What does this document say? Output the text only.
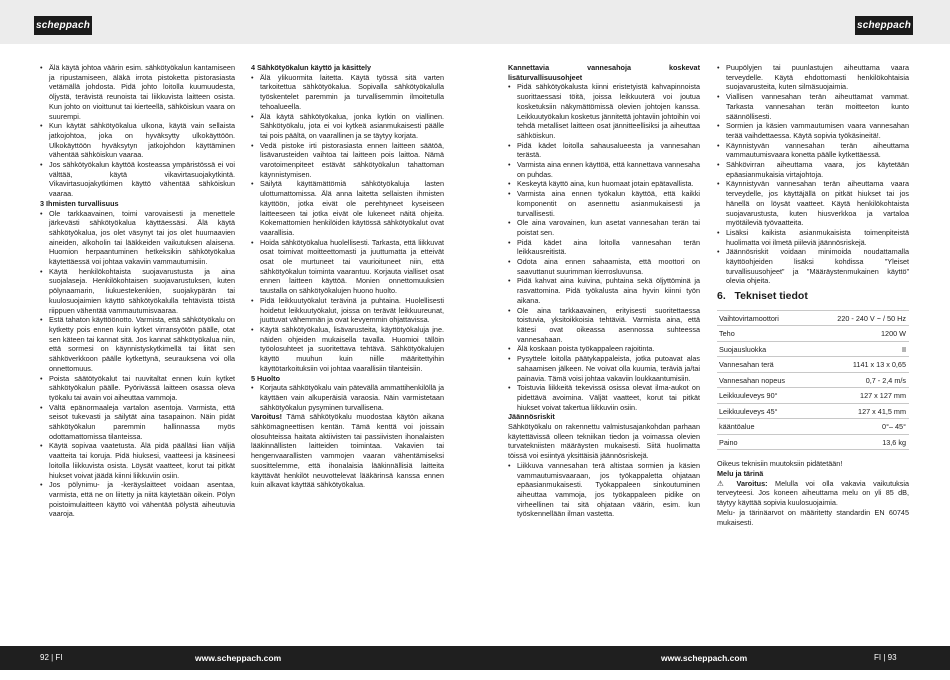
scheppach	scheppach

• Älä käytä johtoa väärin esim. sähkötyökalun kantamiseen ja ripustamiseen, äläkä irrota pistoketta pistorasiasta vetämällä johdosta. Pidä johto loitolla kuumuudesta, öljystä, terävistä reunoista tai liikkuvista laitteen osista. Kun johto on vioittunut tai kierteellä, sähköiskun vaara on suurempi.

• Kun käytät sähkötyökalua ulkona, käytä vain sellaista jatkojohtoa, joka on hyväksytty ulkokäyttöön. Ulkokäyttöön hyväksytyn jatkojohdon käyttäminen vähentää sähköiskun vaaraa.

• Jos sähkötyökalun käyttöä kosteassa ympäristössä ei voi välttää, käytä vikavirtasuojakytkintä. Vikavirtasuojakytkimen käyttö vähentää sähköiskun vaaraa.

3 Ihmisten turvallisuus

• Ole tarkkaavainen, toimi varovaisesti ja menettele järkevästi sähkötyökalua käyttäessäsi. Älä käytä sähkötyökalua, jos olet väsynyt tai jos olet huumaavien aineiden, alkoholin tai lääkkeiden vaikutuksen alaisena. Huomion herpaantuminen hetkeksikin sähkötyökalua käytettäessä voi johtaa vakaviin vammautumisiin.

• Käytä henkilökohtaista suojavarustusta ja aina suojalaseja. Henkilökohtaisen suojavarustuksen, kuten pölynaamarin, liukuestekenkien, suojakypärän tai kuulosuojaimien käyttö sähkötyökalulla tehtävistä töistä riippuen vähentää vammautumisvaaraa.

• Estä tahaton käyttöönotto. Varmista, että sähkötyökalu on kytketty pois ennen kuin kytket virransyötön päälle, otat sen käteen tai kannat sitä. Jos kannat sähkötyökalua niin, että sormesi on käynnistyskytkimellä tai liität sen sähköverkkoon päälle kytkettynä, seurauksena voi olla onnettomuus.

• Poista säätötyökalut tai ruuvitaltat ennen kuin kytket sähkötyökalun päälle. Pyörivässä laitteen osassa oleva työkalu tai avain voi aiheuttaa vammoja.

• Vältä epänormaaleja vartalon asentoja. Varmista, että seisot tukevasti ja säilytät aina tasapainon. Näin pidät sähkötyökalun paremmin hallinnassa myös odottamattomissa tilanteissa.

• Käytä sopivaa vaatetusta. Älä pidä päälläsi liian väljiä vaatteita tai koruja. Pidä hiuksesi, vaatteesi ja käsineesi loitolla liikkuvista osista. Löysät vaatteet, korut tai pitkät hiukset voivat jäädä kiinni liikkuviin osiin.

• Jos pölynimu- ja -keräyslaitteet voidaan asentaa, varmista, että ne on liitetty ja niitä käytetään oikein. Pölyn poistoimulaitteen käyttö voi vähentää pölystä aiheutuvia vaaroja.

4 Sähkötyökalun käyttö ja käsittely

• Älä ylikuormita laitetta. Käytä työssä sitä varten tarkoitettua sähkötyökalua. Sopivalla sähkötyökalulla työskentelet paremmin ja turvallisemmin ilmoitetulla tehoalueella.

• Älä käytä sähkötyökalua, jonka kytkin on viallinen. Sähkötyökalu, jota ei voi kytkeä asianmukaisesti päälle tai pois päältä, on vaarallinen ja se täytyy korjata.

• Vedä pistoke irti pistorasiasta ennen laitteen säätöä, lisävarusteiden vaihtoa tai laitteen pois laittoa. Nämä varotoimenpiteet estävät sähkötyökalun tahattoman käynnistymisen.

• Säilytä käyttämättömiä sähkötyökaluja lasten ulottumattomissa. Älä anna laitetta sellaisten ihmisten käyttöön, jotka eivät ole perehtyneet kyseiseen laitteeseen tai jotka eivät ole lukeneet näitä ohjeita. Kokemattomien henkilöiden käytössä sähkötyökalut ovat vaarallisia.

• Hoida sähkötyökalua huolellisesti. Tarkasta, että liikkuvat osat toimivat moitteettomasti ja juuttumatta ja etteivät osat ole murtuneet tai vaurioituneet niin, että sähkötyökalun toiminta vaarantuu. Korjauta vialliset osat ennen laitteen käyttöä. Monien onnettomuuksien taustalla on sähkötyökalujen huono huolto.

• Pidä leikkuutyökalut terävinä ja puhtaina. Huolellisesti hoidetut leikkuutyökalut, joissa on terävät leikkuureunat, juuttuvat vähemmän ja ovat kevyemmin ohjattavissa.

• Käytä sähkötyökalua, lisävarusteita, käyttötyökaluja jne. näiden ohjeiden mukaisella tavalla. Huomioi tällöin työolosuhteet ja suoritettava tehtävä. Sähkötyökalujen käyttö muuhun kuin niille määritettyihin käyttötarkoituksiin voi johtaa vaarallisiin tilanteisiin.

5 Huolto

• Korjauta sähkötyökalu vain pätevällä ammattihenkilöllä ja käyttäen vain alkuperäisiä varaosia. Näin varmistetaan sähkötyökalun pysyminen turvallisena.

Varoitus! Tämä sähkötyökalu muodostaa käytön aikana sähkömagneettisen kentän. Tämä kenttä voi joissain olosuhteissa haitata aktiivisten tai passiivisten ihonalaisten lääkinnällisten laitteiden toimintaa. Vakavien tai hengenvaarallisten vammojen vaaran vähentämiseksi suosittelemme, että ihonalaisia lääkinnällisiä laitteita käyttävät henkilöt neuvottelevat lääkärinsä kanssa ennen kuin alkavat käyttää sähkötyökalua.

Kannettavia vannesahoja koskevat lisäturvallisuusohjeet

• Pidä sähkötyökalusta kiinni eristetyistä kahvapinnoista suorittaessasi töitä, joissa leikkuuterä voi joutua kosketuksiin näkymättömissä olevien johtojen kanssa. Leikkuutyökalun kosketus jännitettä johtaviin johtoihin voi tehdä metalliset laitteen osat jännitteellisiksi ja aiheuttaa sähköiskun.

• Pidä kädet loitolla sahausalueesta ja vannesahan terästä.

• Varmista aina ennen käyttöä, että kannettava vannesaha on puhdas.

• Keskeytä käyttö aina, kun huomaat jotain epätavallista.

• Varmista aina ennen työkalun käyttöä, että kaikki komponentit on asennettu asianmukaisesti ja turvallisesti.

• Ole aina varovainen, kun asetat vannesahan terän tai poistat sen.

• Pidä kädet aina loitolla vannesahan terän leikkausreitistä.

• Odota aina ennen sahaamista, että moottori on saavuttanut suurimman kierrosluvunsa.

• Pidä kahvat aina kuivina, puhtaina sekä öljyttöminä ja rasvattomina. Pidä työkalusta aina hyvin kiinni työn aikana.

• Ole aina tarkkaavainen, erityisesti suoritettaessa toistuvia, yksitoikkoisia tehtäviä. Varmista aina, että kätesi ovat oikeassa asennossa suhteessa vannesahaan.

• Älä koskaan poista työkappaleen rajoitinta.

• Pysyttele loitolla päätykappaleista, jotka putoavat alas sahaamisen jälkeen. Ne voivat olla kuumia, teräviä ja/tai painavia. Tämä voisi johtaa vakaviin loukkaantumisiin.

• Toistuvia liikkeitä tekevissä osissa olevat ilma-aukot on pidettävä avoimina. Väljät vaatteet, korut tai pitkät hiukset voivat takertua liikkuviin osiin.

Jäännösriskit

Sähkötyökalu on rakennettu valmistusajankohdan parhaan käytettävissä olleen tekniikan tiedon ja voimassa olevien turvatekniisten määräysten mukaisesti. Siitä huolimatta töissä voi esiintyä yksittäisiä jäännösriskejä.

• Liikkuva vannesahan terä altistaa sormien ja käsien vammautumisvaaraan, jos työkappaletta ohjataan epäasianmukaisesti. Työkappaleen sinkoutuminen aiheuttaa vammoja, jos työkappaleen pidike on virheellinen tai sitä ohjataan väärin, esim. kun työskennellään ilman vastetta.

• Puupölyjen tai puunlastujen aiheuttama vaara terveydelle. Käytä ehdottomasti henkilökohtaisia suojavarusteita, kuten silmäsuojaimia.

• Viallisen vannesahan terän aiheuttamat vammat. Tarkasta vannesahan terän moitteeton kunto säännöllisesti.

• Sormien ja käsien vammautumisen vaara vannesahan terää vaihdettaessa. Käytä sopivia työkäsineitä!.

• Käynnistyvän vannesahan terän aiheuttama vammautumisvaara konetta päälle kytkettäessä.

• Sähkövirran aiheuttama vaara, jos käytetään epäasianmukaisia virtajohtoja.

• Käynnistyvän vannesahan terän aiheuttama vaara terveydelle, jos käyttäjällä on pitkät hiukset tai jos hänellä on löysät vaatteet. Käytä henkilökohtaista suojavarustusta, kuten hiusverkkoa ja vartaloa myötäileviä työvaatteita.

• Lisäksi kaikista asianmukaisista toimenpiteistä huolimatta voi ilmetä piileviä jäännösriskejä.

• Jäännösriskit voidaan minimoida noudattamalla käyttöohjeiden lisäksi kohdissa ”Yleiset turvallisuusohjeet” ja ”Määräystenmukainen käyttö” olevia ohjeita.

6. Tekniset tiedot
Vaihtovirtamoottori	220 - 240 V ~ / 50 Hz
Teho	1200 W
Suojausluokka	II
Vannesahan terä	1141 x 13 x 0,65
Vannesahan nopeus	0,7 - 2,4 m/s
Leikkuuleveys 90°	127 x 127 mm
Leikkuuleveys 45°	127 x 41,5 mm
kääntöalue	0°– 45°
Paino	13,6 kg

Oikeus teknisiin muutoksiin pidätetään!

Melu ja tärinä

⚠ Varoitus: Melulla voi olla vakavia vaikutuksia terveyteesi. Jos koneen aiheuttama melu on yli 85 dB, täytyy käyttää sopivia kuulosuojaimia.

Melu- ja tärinäarvot on määritetty standardin EN 60745 mukaisesti.

92 | FI	www.scheppach.com	www.scheppach.com	FI | 93
